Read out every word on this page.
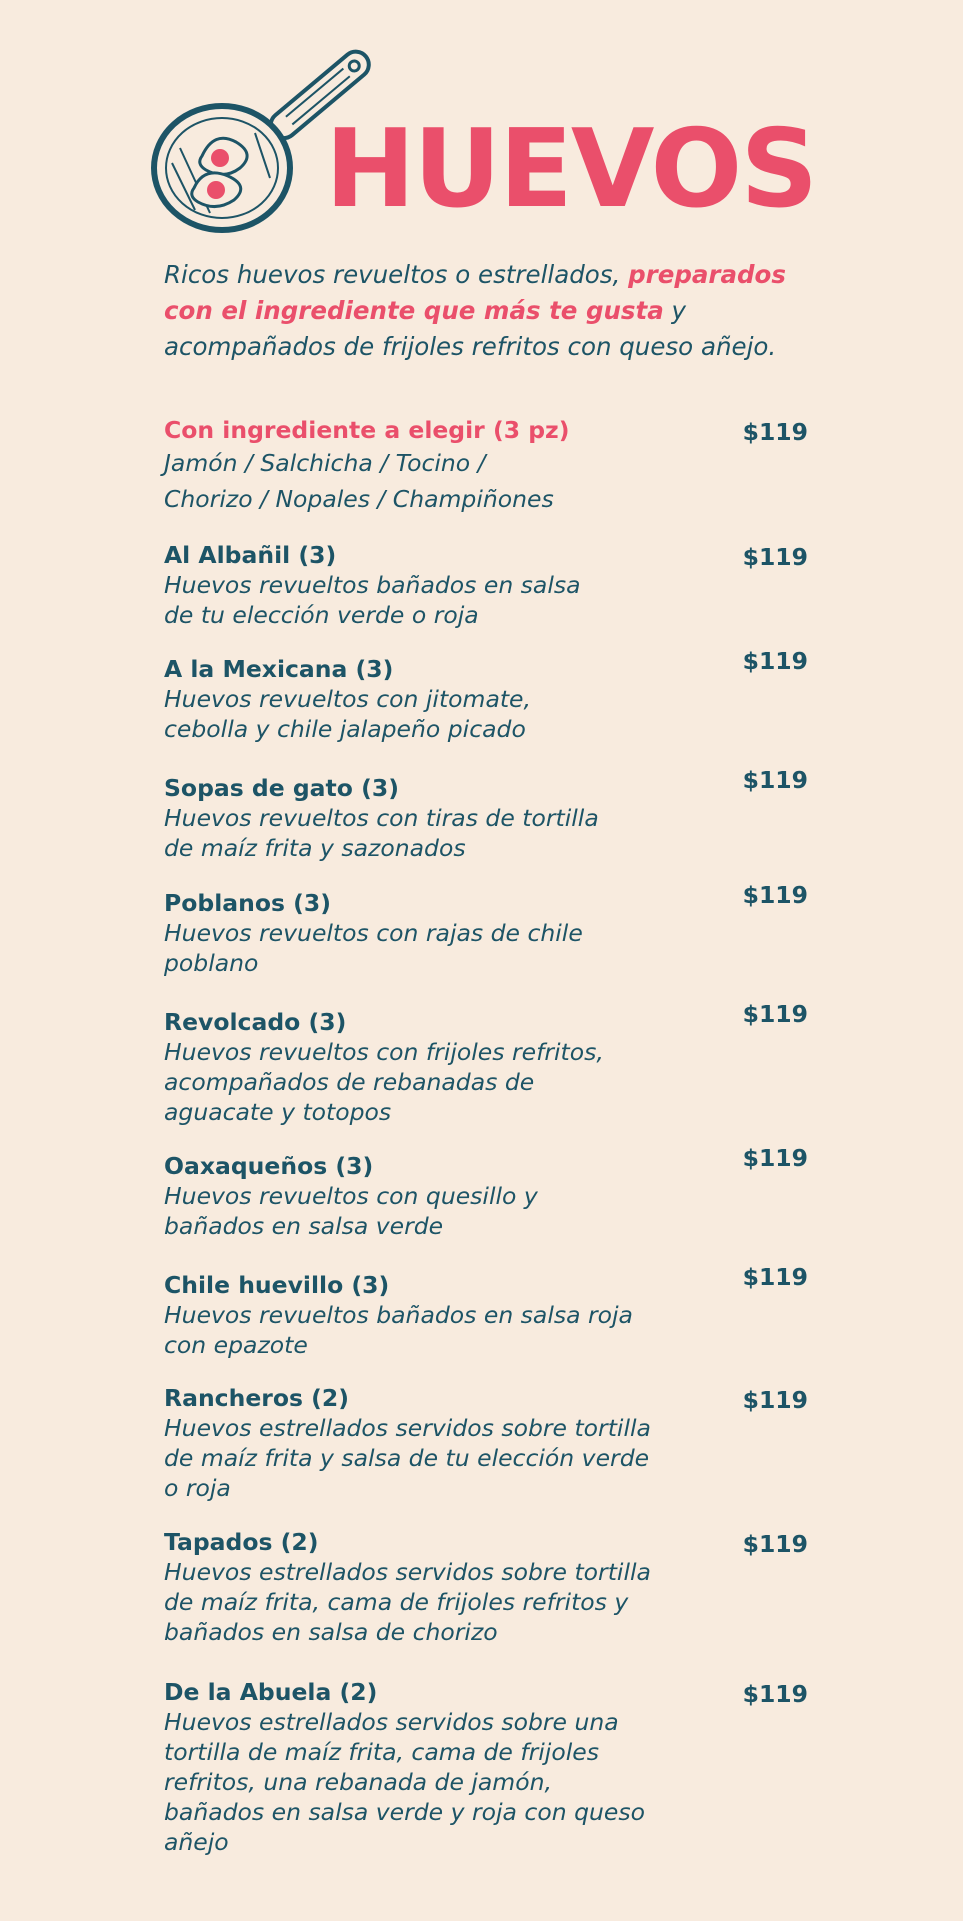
HUEVOS
Ricos huevos revueltos o estrellados, preparados con el ingrediente que más te gusta y acompañados de frijoles refritos con queso añejo.
Con ingrediente a elegir (3 pz)
Jamón / Salchicha / Tocino /
Chorizo / Nopales / Champiñones
$119
Al Albañil (3)
Huevos revueltos bañados en salsa
de tu elección verde o roja
$119
A la Mexicana (3)
Huevos revueltos con jitomate,
cebolla y chile jalapeño picado
$119
Sopas de gato (3)
Huevos revueltos con tiras de tortilla
de maíz frita y sazonados
$119
Poblanos (3)
Huevos revueltos con rajas de chile
poblano
$119
Revolcado (3)
Huevos revueltos con frijoles refritos,
acompañados de rebanadas de
aguacate y totopos
$119
Oaxaqueños (3)
Huevos revueltos con quesillo y
bañados en salsa verde
$119
Chile huevillo (3)
Huevos revueltos bañados en salsa roja
con epazote
$119
Rancheros (2)
Huevos estrellados servidos sobre tortilla
de maíz frita y salsa de tu elección verde
o roja
$119
Tapados (2)
Huevos estrellados servidos sobre tortilla
de maíz frita, cama de frijoles refritos y
bañados en salsa de chorizo
$119
De la Abuela (2)
Huevos estrellados servidos sobre una
tortilla de maíz frita, cama de frijoles
refritos, una rebanada de jamón,
bañados en salsa verde y roja con queso
añejo
$119
